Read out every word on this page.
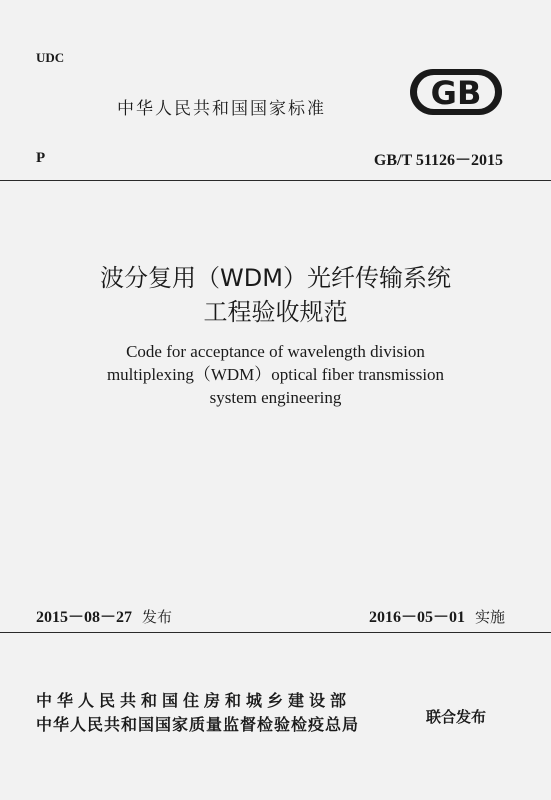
UDC
中华人民共和国国家标准	GB
P	GB/T 51126－2015
波分复用（WDM）光纤传输系统
工程验收规范
Code for acceptance of wavelength division
multiplexing（WDM）optical fiber transmission
system engineering
2015－08－27 发布	2016－05－01 实施
中华人民共和国住房和城乡建设部
中华人民共和国国家质量监督检验检疫总局	联合发布
